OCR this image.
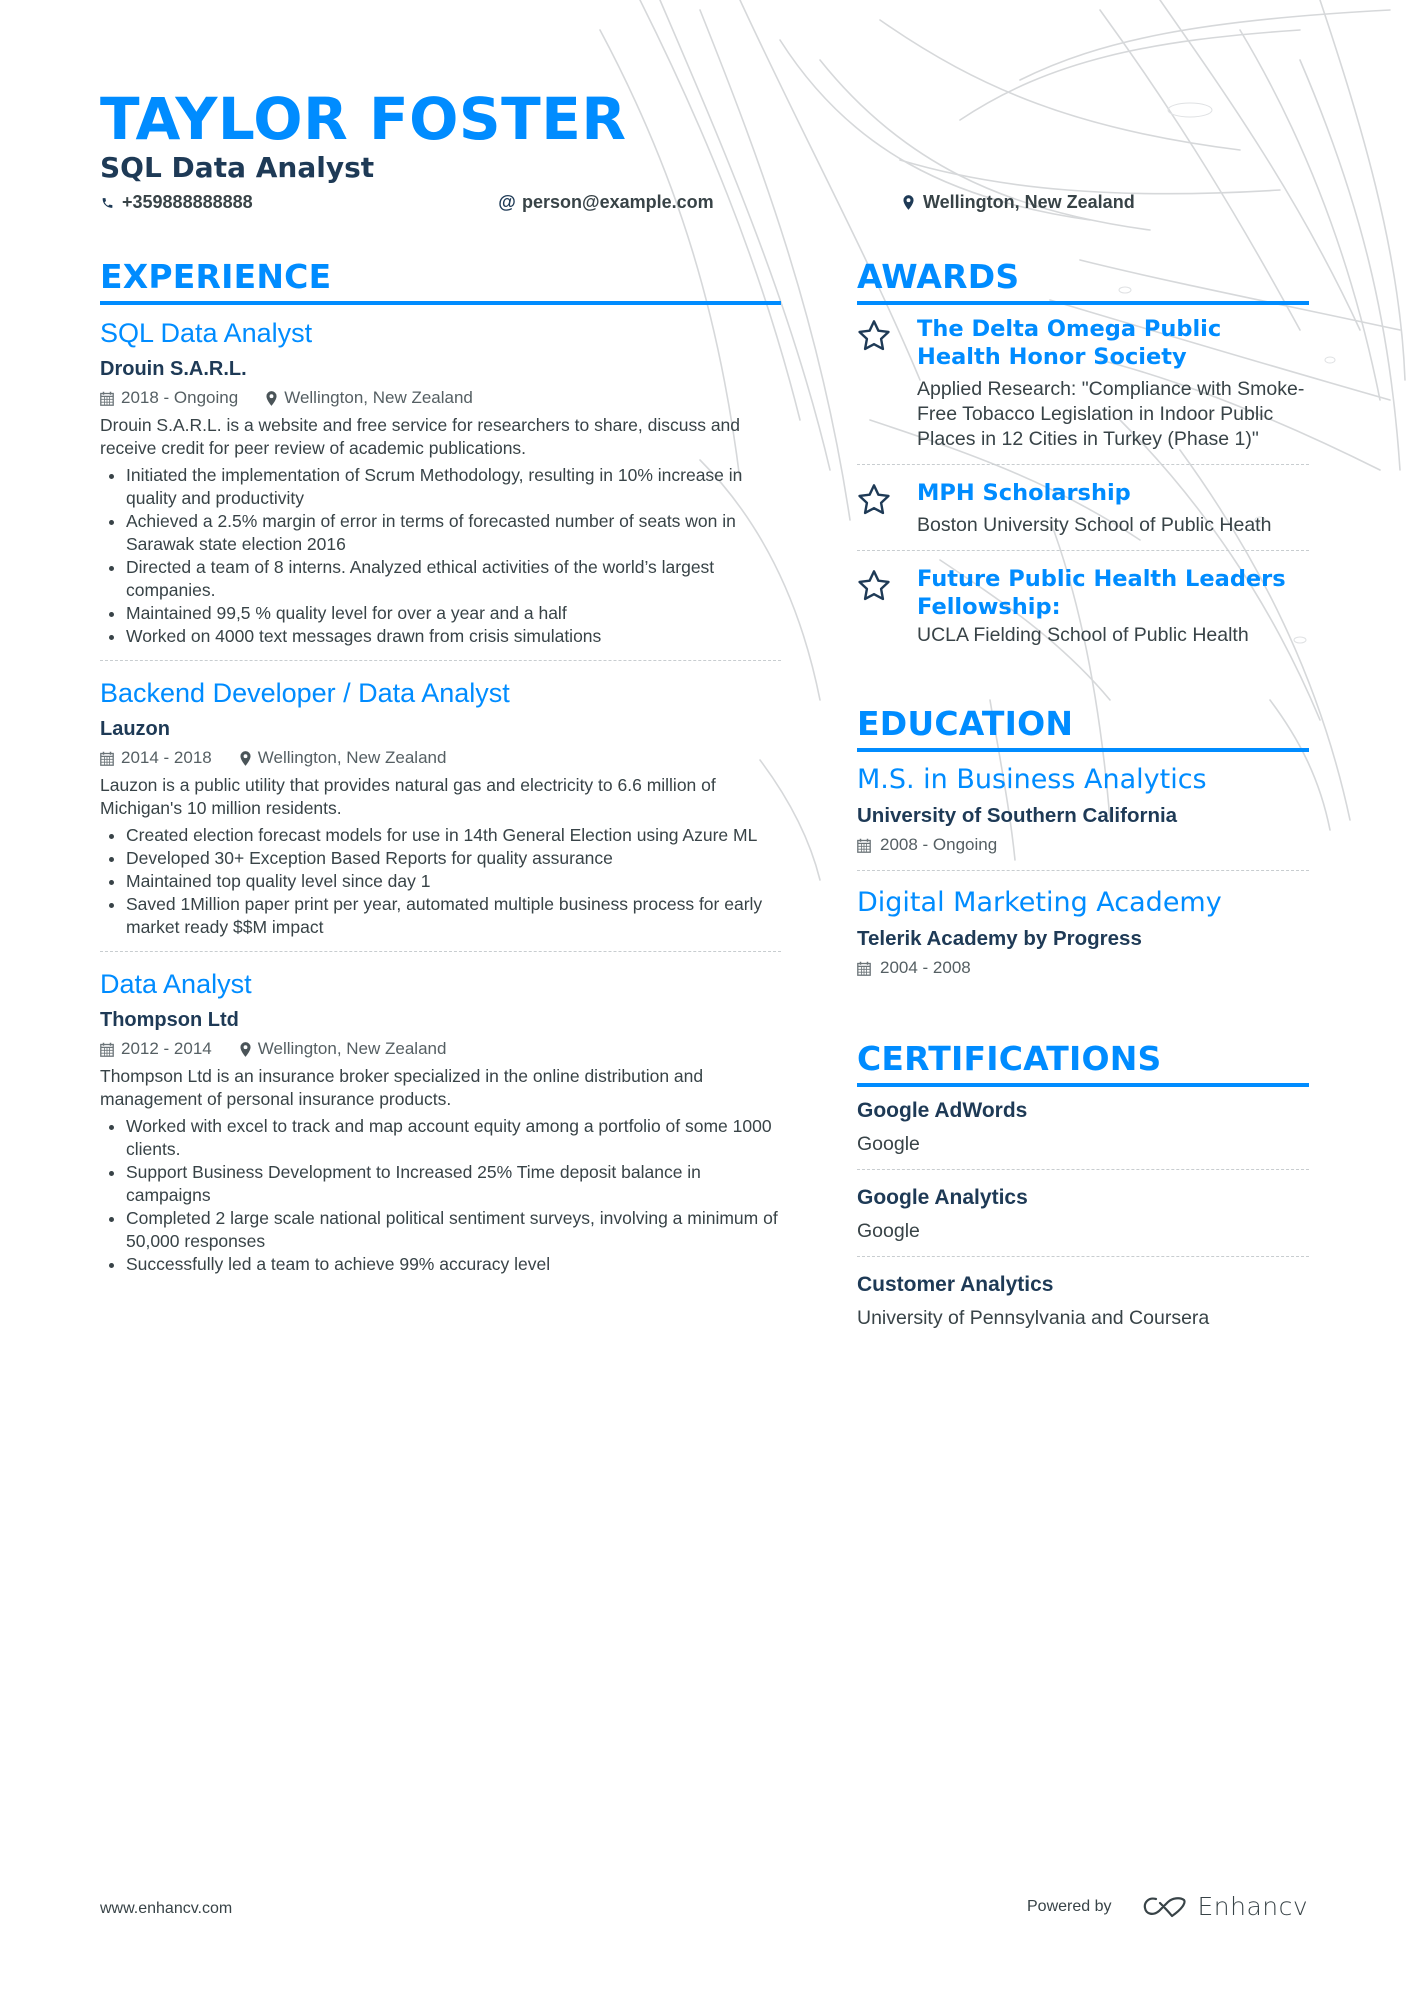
TAYLOR FOSTER
SQL Data Analyst
+359888888888	@ person@example.com	Wellington, New Zealand
EXPERIENCE
SQL Data Analyst
Drouin S.A.R.L.
2018 - Ongoing	Wellington, New Zealand
Drouin S.A.R.L. is a website and free service for researchers to share, discuss and receive credit for peer review of academic publications.
• Initiated the implementation of Scrum Methodology, resulting in 10% increase in quality and productivity
• Achieved a 2.5% margin of error in terms of forecasted number of seats won in Sarawak state election 2016
• Directed a team of 8 interns. Analyzed ethical activities of the world’s largest companies.
• Maintained 99,5 % quality level for over a year and a half
• Worked on 4000 text messages drawn from crisis simulations
Backend Developer / Data Analyst
Lauzon
2014 - 2018	Wellington, New Zealand
Lauzon is a public utility that provides natural gas and electricity to 6.6 million of Michigan's 10 million residents.
• Created election forecast models for use in 14th General Election using Azure ML
• Developed 30+ Exception Based Reports for quality assurance
• Maintained top quality level since day 1
• Saved 1Million paper print per year, automated multiple business process for early market ready $$M impact
Data Analyst
Thompson Ltd
2012 - 2014	Wellington, New Zealand
Thompson Ltd is an insurance broker specialized in the online distribution and management of personal insurance products.
• Worked with excel to track and map account equity among a portfolio of some 1000 clients.
• Support Business Development to Increased 25% Time deposit balance in campaigns
• Completed 2 large scale national political sentiment surveys, involving a minimum of 50,000 responses
• Successfully led a team to achieve 99% accuracy level
AWARDS
The Delta Omega Public Health Honor Society
Applied Research: "Compliance with Smoke-Free Tobacco Legislation in Indoor Public Places in 12 Cities in Turkey (Phase 1)"
MPH Scholarship
Boston University School of Public Heath
Future Public Health Leaders Fellowship:
UCLA Fielding School of Public Health
EDUCATION
M.S. in Business Analytics
University of Southern California
2008 - Ongoing
Digital Marketing Academy
Telerik Academy by Progress
2004 - 2008
CERTIFICATIONS
Google AdWords
Google
Google Analytics
Google
Customer Analytics
University of Pennsylvania and Coursera
www.enhancv.com	Powered by	Enhancv
